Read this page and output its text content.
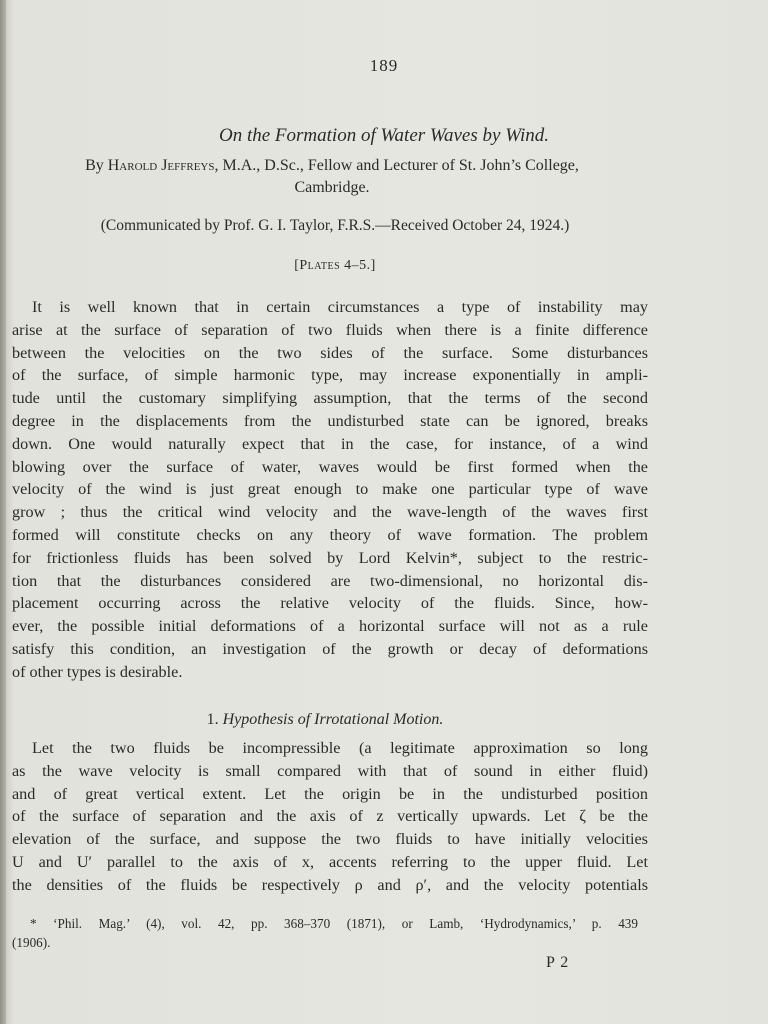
189
On the Formation of Water Waves by Wind.
By Harold Jeffreys, M.A., D.Sc., Fellow and Lecturer of St. John’s College,
Cambridge.
(Communicated by Prof. G. I. Taylor, F.R.S.—Received October 24, 1924.)
[Plates 4–5.]
It is well known that in certain circumstances a type of instability may
arise at the surface of separation of two fluids when there is a finite difference
between the velocities on the two sides of the surface. Some disturbances
of the surface, of simple harmonic type, may increase exponentially in ampli-
tude until the customary simplifying assumption, that the terms of the second
degree in the displacements from the undisturbed state can be ignored, breaks
down. One would naturally expect that in the case, for instance, of a wind
blowing over the surface of water, waves would be first formed when the
velocity of the wind is just great enough to make one particular type of wave
grow ; thus the critical wind velocity and the wave-length of the waves first
formed will constitute checks on any theory of wave formation. The problem
for frictionless fluids has been solved by Lord Kelvin*, subject to the restric-
tion that the disturbances considered are two-dimensional, no horizontal dis-
placement occurring across the relative velocity of the fluids. Since, how-
ever, the possible initial deformations of a horizontal surface will not as a rule
satisfy this condition, an investigation of the growth or decay of deformations
of other types is desirable.
1. Hypothesis of Irrotational Motion.
Let the two fluids be incompressible (a legitimate approximation so long
as the wave velocity is small compared with that of sound in either fluid)
and of great vertical extent. Let the origin be in the undisturbed position
of the surface of separation and the axis of z vertically upwards. Let ζ be the
elevation of the surface, and suppose the two fluids to have initially velocities
U and U′ parallel to the axis of x, accents referring to the upper fluid. Let
the densities of the fluids be respectively ρ and ρ′, and the velocity potentials
* ‘Phil. Mag.’ (4), vol. 42, pp. 368–370 (1871), or Lamb, ‘Hydrodynamics,’ p. 439
(1906).
P 2
